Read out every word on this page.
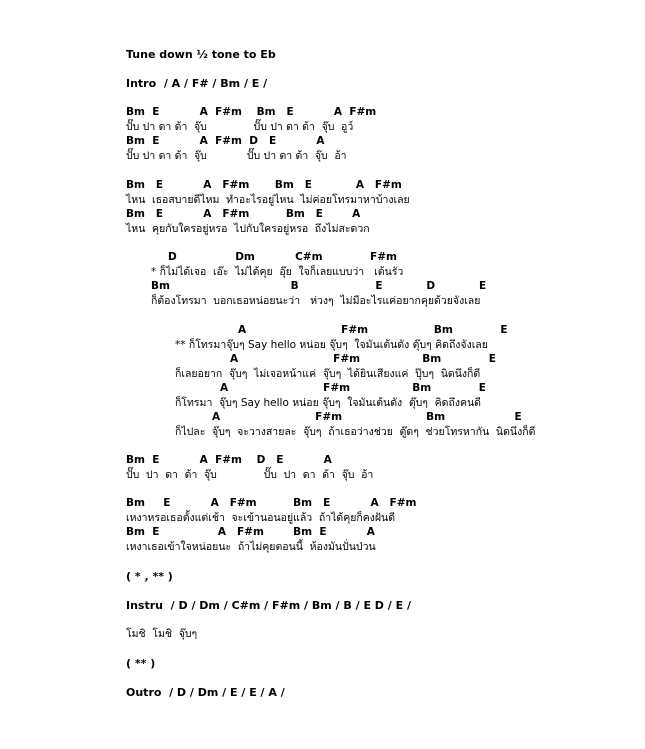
Tune down ½ tone to Eb
Intro  / A / F# / Bm / E /
Bm  E           A  F#m    Bm   E           A  F#m
ปั๊บ ปา ดา ด้า  จุ๊บ              ปั๊บ ปา ดา ด้า  จุ๊บ  อูว์
Bm  E           A  F#m  D   E           A
ปั๊บ ปา ดา ด้า  จุ๊บ            ปั๊บ ปา ดา ด้า  จุ๊บ  อ้า
Bm   E           A   F#m       Bm   E            A   F#m
ไหน  เธอสบายดีไหม  ทำอะไรอยู่ไหน  ไม่ค่อยโทรมาหาบ้างเลย
Bm   E           A   F#m          Bm   E        A
ไหน  คุยกับใครอยู่หรอ  ไปกับใครอยู่หรอ  ถึงไม่สะดวก
D                Dm           C#m             F#m
* ก็ไม่ได้เจอ  เอ๊ะ  ไม่ได้คุย  อุ๊ย  ใจก็เลยแบบว่า   เต้นรัว
Bm                                 B                     E            D            E
ก็ต้องโทรมา  บอกเธอหน่อยนะว่า   ห่วงๆ  ไม่มีอะไรแค่อยากคุยด้วยจังเลย
A                          F#m                  Bm             E
** ก็โทรมาจุ๊บๆ Say hello หน่อย จุ๊บๆ  ใจมันเต้นดัง ตุ๊บๆ คิดถึงจังเลย
A                          F#m                 Bm             E
ก็เลยอยาก  จุ๊บๆ  ไม่เจอหน้าแค่  จุ๊บๆ  ได้ยินเสียงแค่  ปุ๊บๆ  นิดนึงก็ดี
A                          F#m                 Bm             E
ก็โทรมา  จุ๊บๆ Say hello หน่อย จุ๊บๆ  ใจมันเต้นดัง  ตุ๊บๆ  คิดถึงคนดี
A                          F#m                       Bm                   E
ก็ไปละ  จุ๊บๆ  จะวางสายละ  จุ๊บๆ  ถ้าเธอว่างช่วย  ตู๊ดๆ  ช่วยโทรหากัน  นิดนึงก็ดี
Bm  E           A  F#m    D   E           A
ปั๊บ  ปา  ดา  ด้า  จุ๊บ              ปั๊บ  ปา  ดา  ด้า  จุ๊บ  อ้า
Bm     E           A   F#m          Bm   E           A   F#m
เหงาหรอเธอตั้งแต่เช้า  จะเข้านอนอยู่แล้ว  ถ้าได้คุยก็คงฝันดี
Bm  E                A   F#m        Bm  E           A
เหงาเธอเข้าใจหน่อยนะ  ถ้าไม่คุยตอนนี้  ห้องมันปั่นป่วน
( * , ** )
Instru  / D / Dm / C#m / F#m / Bm / B / E D / E /
โมชิ  โมชิ  จุ๊บๆ
( ** )
Outro  / D / Dm / E / E / A /
